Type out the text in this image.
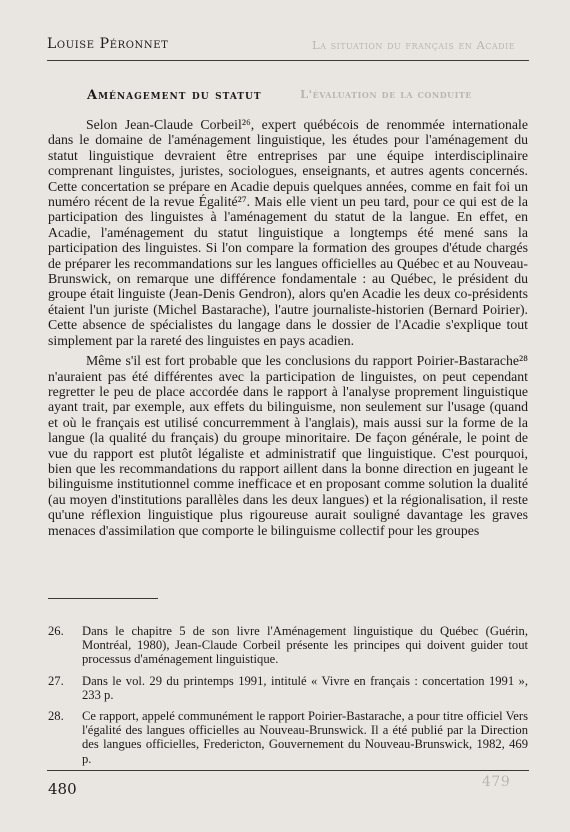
La situation du français en Acadie
L'évaluation de la conduite
479
Louise Péronnet
Aménagement du statut

Selon Jean-Claude Corbeil²⁶, expert québécois de renommée internationale dans le domaine de l'aménagement linguistique, les études pour l'aménagement du statut linguistique devraient être entreprises par une équipe interdisciplinaire comprenant linguistes, juristes, sociologues, enseignants, et autres agents concernés. Cette concertation se prépare en Acadie depuis quelques années, comme en fait foi un numéro récent de la revue Égalité²⁷. Mais elle vient un peu tard, pour ce qui est de la participation des linguistes à l'aménagement du statut de la langue. En effet, en Acadie, l'aménagement du statut linguistique a longtemps été mené sans la participation des linguistes. Si l'on compare la formation des groupes d'étude chargés de préparer les recommandations sur les langues officielles au Québec et au Nouveau-Brunswick, on remarque une différence fondamentale : au Québec, le président du groupe était linguiste (Jean-Denis Gendron), alors qu'en Acadie les deux co-présidents étaient l'un juriste (Michel Bastarache), l'autre journaliste-historien (Bernard Poirier). Cette absence de spécialistes du langage dans le dossier de l'Acadie s'explique tout simplement par la rareté des linguistes en pays acadien.

Même s'il est fort probable que les conclusions du rapport Poirier-Bastarache²⁸ n'auraient pas été différentes avec la participation de linguistes, on peut cependant regretter le peu de place accordée dans le rapport à l'analyse proprement linguistique ayant trait, par exemple, aux effets du bilinguisme, non seulement sur l'usage (quand et où le français est utilisé concurremment à l'anglais), mais aussi sur la forme de la langue (la qualité du français) du groupe minoritaire. De façon générale, le point de vue du rapport est plutôt légaliste et administratif que linguistique. C'est pourquoi, bien que les recommandations du rapport aillent dans la bonne direction en jugeant le bilinguisme institutionnel comme inefficace et en proposant comme solution la dualité (au moyen d'institutions parallèles dans les deux langues) et la régionalisation, il reste qu'une réflexion linguistique plus rigoureuse aurait souligné davantage les graves menaces d'assimilation que comporte le bilinguisme collectif pour les groupes

26.	Dans le chapitre 5 de son livre l'Aménagement linguistique du Québec (Guérin, Montréal, 1980), Jean-Claude Corbeil présente les principes qui doivent guider tout processus d'aménagement linguistique.
27.	Dans le vol. 29 du printemps 1991, intitulé « Vivre en français : concertation 1991 », 233 p.
28.	Ce rapport, appelé communément le rapport Poirier-Bastarache, a pour titre officiel Vers l'égalité des langues officielles au Nouveau-Brunswick. Il a été publié par la Direction des langues officielles, Fredericton, Gouvernement du Nouveau-Brunswick, 1982, 469 p.
480
